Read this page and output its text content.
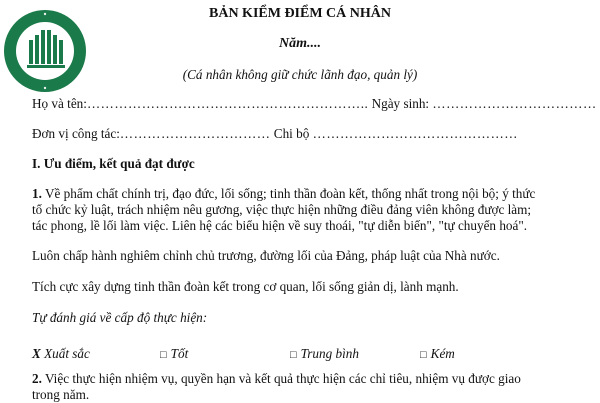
BẢN KIỂM ĐIỂM CÁ NHÂN
Năm....
(Cá nhân không giữ chức lãnh đạo, quản lý)
Họ và tên:…………………………………………………….. Ngày sinh: ………………………………
Đơn vị công tác:…………………………… Chi bộ ………………………………………
I. Ưu điểm, kết quả đạt được
1. Về phẩm chất chính trị, đạo đức, lối sống; tinh thần đoàn kết, thống nhất trong nội bộ; ý thức
tổ chức kỷ luật, trách nhiệm nêu gương, việc thực hiện những điều đảng viên không được làm;
tác phong, lề lối làm việc. Liên hệ các biểu hiện về suy thoái, "tự diễn biến", "tự chuyển hoá".
Luôn chấp hành nghiêm chỉnh chủ trương, đường lối của Đảng, pháp luật của Nhà nước.
Tích cực xây dựng tinh thần đoàn kết trong cơ quan, lối sống giản dị, lành mạnh.
Tự đánh giá về cấp độ thực hiện:
X Xuất sắc	□ Tốt	□ Trung bình	□ Kém
2. Việc thực hiện nhiệm vụ, quyền hạn và kết quả thực hiện các chỉ tiêu, nhiệm vụ được giao
trong năm.
